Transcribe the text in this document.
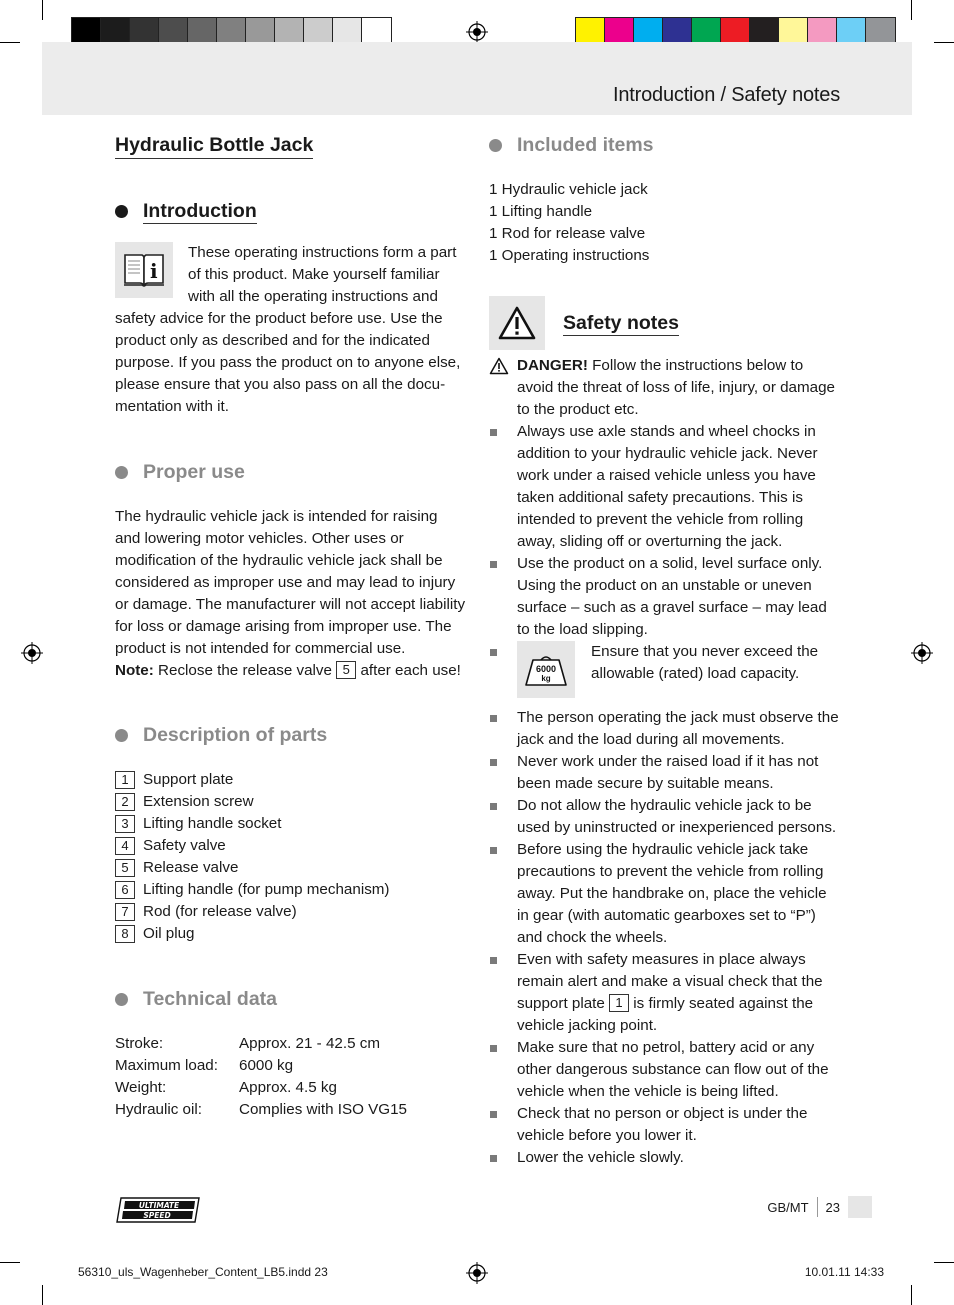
Introduction / Safety notes
Hydraulic Bottle Jack
Introduction
i

These operating instructions form a part of this product. Make yourself familiar with all the operating instructions and safety advice for the product before use. Use the product only as described and for the indicated purpose. If you pass the product on to anyone else, please ensure that you also pass on all the docu-mentation with it.

Proper use

The hydraulic vehicle jack is intended for raising and lowering motor vehicles. Other uses or modification of the hydraulic vehicle jack shall be considered as improper use and may lead to injury or damage. The manufacturer will not accept liability for loss or damage arising from improper use. The product is not intended for commercial use.

Note: Reclose the release valve 5 after each use!

Description of parts
1 Support plate
2 Extension screw
3 Lifting handle socket
4 Safety valve
5 Release valve
6 Lifting handle (for pump mechanism)
7 Rod (for release valve)
8 Oil plug
Technical data
Stroke:	Approx. 21 - 42.5 cm
Maximum load:	6000 kg
Weight:	Approx. 4.5 kg
Hydraulic oil:	Complies with ISO VG15
Included items

1 Hydraulic vehicle jack

1 Lifting handle

1 Rod for release valve

1 Operating instructions

Safety notes
DANGER! Follow the instructions below to avoid the threat of loss of life, injury, or damage to the product etc.
Always use axle stands and wheel chocks in addition to your hydraulic vehicle jack. Never work under a raised vehicle unless you have taken additional safety precautions. This is intended to prevent the vehicle from rolling away, sliding off or overturning the jack.
Use the product on a solid, level surface only. Using the product on an unstable or uneven surface – such as a gravel surface – may lead to the load slipping.
6000
kg
Ensure that you never exceed the allowable (rated) load capacity.
The person operating the jack must observe the jack and the load during all movements.
Never work under the raised load if it has not been made secure by suitable means.
Do not allow the hydraulic vehicle jack to be used by uninstructed or inexperienced persons.
Before using the hydraulic vehicle jack take precautions to prevent the vehicle from rolling away. Put the handbrake on, place the vehicle in gear (with automatic gearboxes set to “P”) and chock the wheels.
Even with safety measures in place always remain alert and make a visual check that the support plate 1 is firmly seated against the vehicle jacking point.
Make sure that no petrol, battery acid or any other dangerous substance can flow out of the vehicle when the vehicle is being lifted.
Check that no person or object is under the vehicle before you lower it.
Lower the vehicle slowly.
ULTIMATE
SPEED
GB/MT 23
56310_uls_Wagenheber_Content_LB5.indd 23	10.01.11 14:33
